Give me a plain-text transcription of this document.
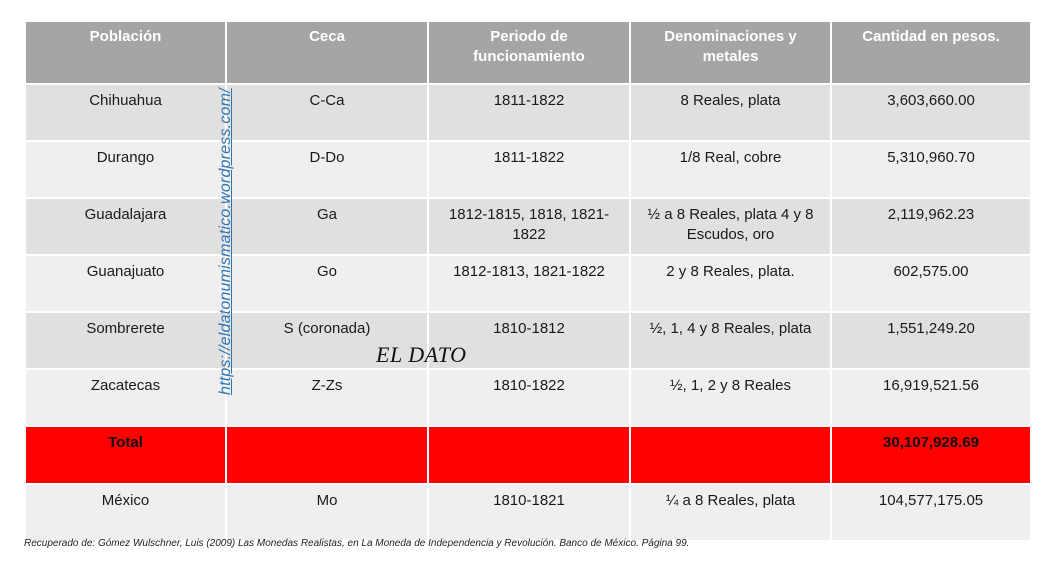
Población	Ceca	Periodo de funcionamiento	Denominaciones y metales	Cantidad en pesos.
Chihuahua	C-Ca	1811-1822	8 Reales, plata	3,603,660.00
Durango	D-Do	1811-1822	1/8 Real, cobre	5,310,960.70
Guadalajara	Ga	1812-1815, 1818, 1821-1822	½ a 8 Reales, plata 4 y 8 Escudos, oro	2,119,962.23
Guanajuato	Go	1812-1813, 1821-1822	2 y 8 Reales, plata.	602,575.00
Sombrerete	S (coronada)	1810-1812	½, 1, 4 y 8 Reales, plata	1,551,249.20
Zacatecas	Z-Zs	1810-1822	½, 1, 2 y 8 Reales	16,919,521.56
Total				30,107,928.69
México	Mo	1810-1821	¼ a 8 Reales, plata	104,577,175.05
https://eldatonumismatico.wordpress.com/	EL DATO
Recuperado de: Gómez Wulschner, Luis (2009) Las Monedas Realistas, en La Moneda de Independencia y Revolución. Banco de México. Página 99.
